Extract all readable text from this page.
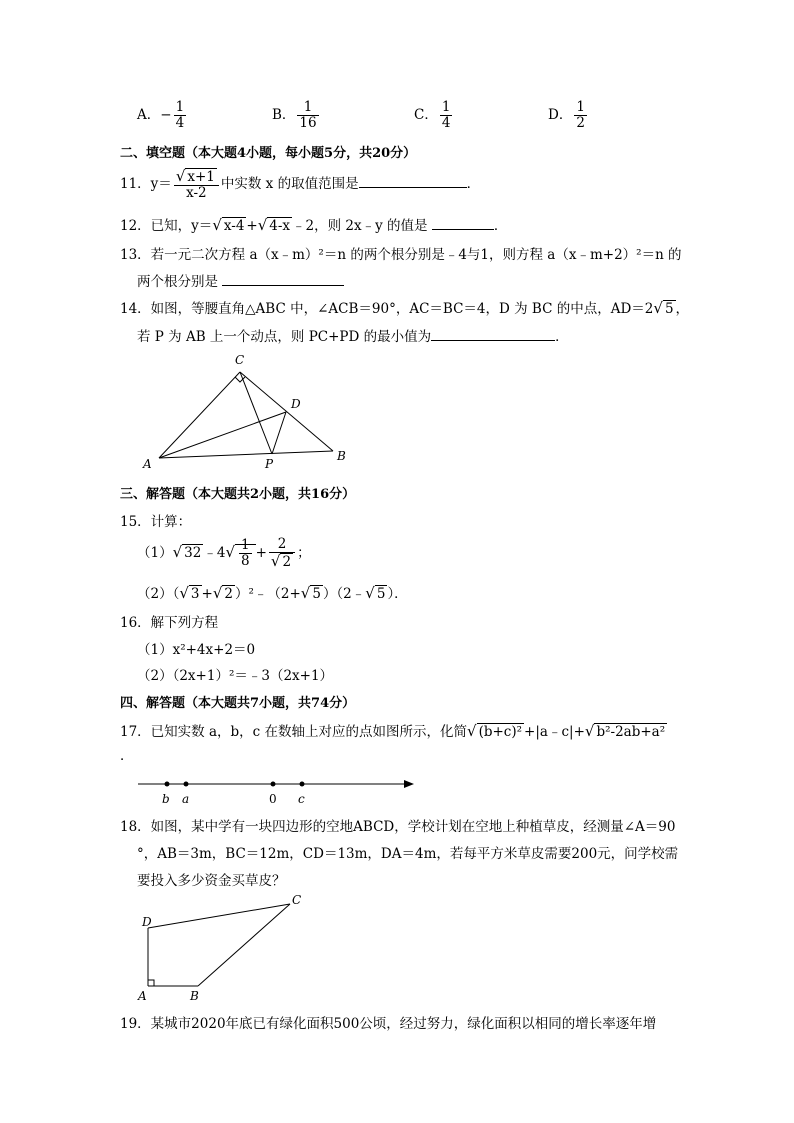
A．− $\frac{1}{4}$	B． $\frac{1}{16}$	C． $\frac{1}{4}$	D． $\frac{1}{2}$
二、填空题（本大题4小题，每小题5分，共20分）
11．$y= \frac{√ x+1}{x-2}$ 中实数 x 的取值范围是	．
12．已知，y＝√ x-4 +√ 4-x ﹣2，则 2x﹣y 的值是	．
13．若一元二次方程 a（x﹣m）²＝n 的两个根分别是﹣4与1，则方程 a（x﹣m+2）²＝n 的
两个根分别是
14．如图，等腰直角△ABC 中，∠ACB＝90°，AC＝BC＝4，D 为 BC 的中点，AD＝2√ 5 ，
若 P 为 AB 上一个动点，则 PC+PD 的最小值为	．
C
D
A	P
B
三、解答题（本大题共2小题，共16分）
15．计算：
（1）√ 32 ﹣4√ $\frac{1}{8} + \frac{2}{√ 2}$ ；
（2）（√ 3 +√ 2 ）²﹣（2+√ 5 ）（2﹣√ 5 ）．
16．解下列方程
（1）x²+4x+2＝0
（2）（2x+1）²＝﹣3（2x+1）
四、解答题（本大题共7小题，共74分）
17．已知实数 a，b，c 在数轴上对应的点如图所示，化简√ (b+c)² +|a﹣c|+√ b²-2ab+a²
．
b a	0 c
18．如图，某中学有一块四边形的空地ABCD，学校计划在空地上种植草皮，经测量∠A＝90
°，AB＝3m，BC＝12m，CD＝13m，DA＝4m，若每平方米草皮需要200元，问学校需
要投入多少资金买草皮？
D
C
A	B
19．某城市2020年底已有绿化面积500公顷，经过努力，绿化面积以相同的增长率逐年增
